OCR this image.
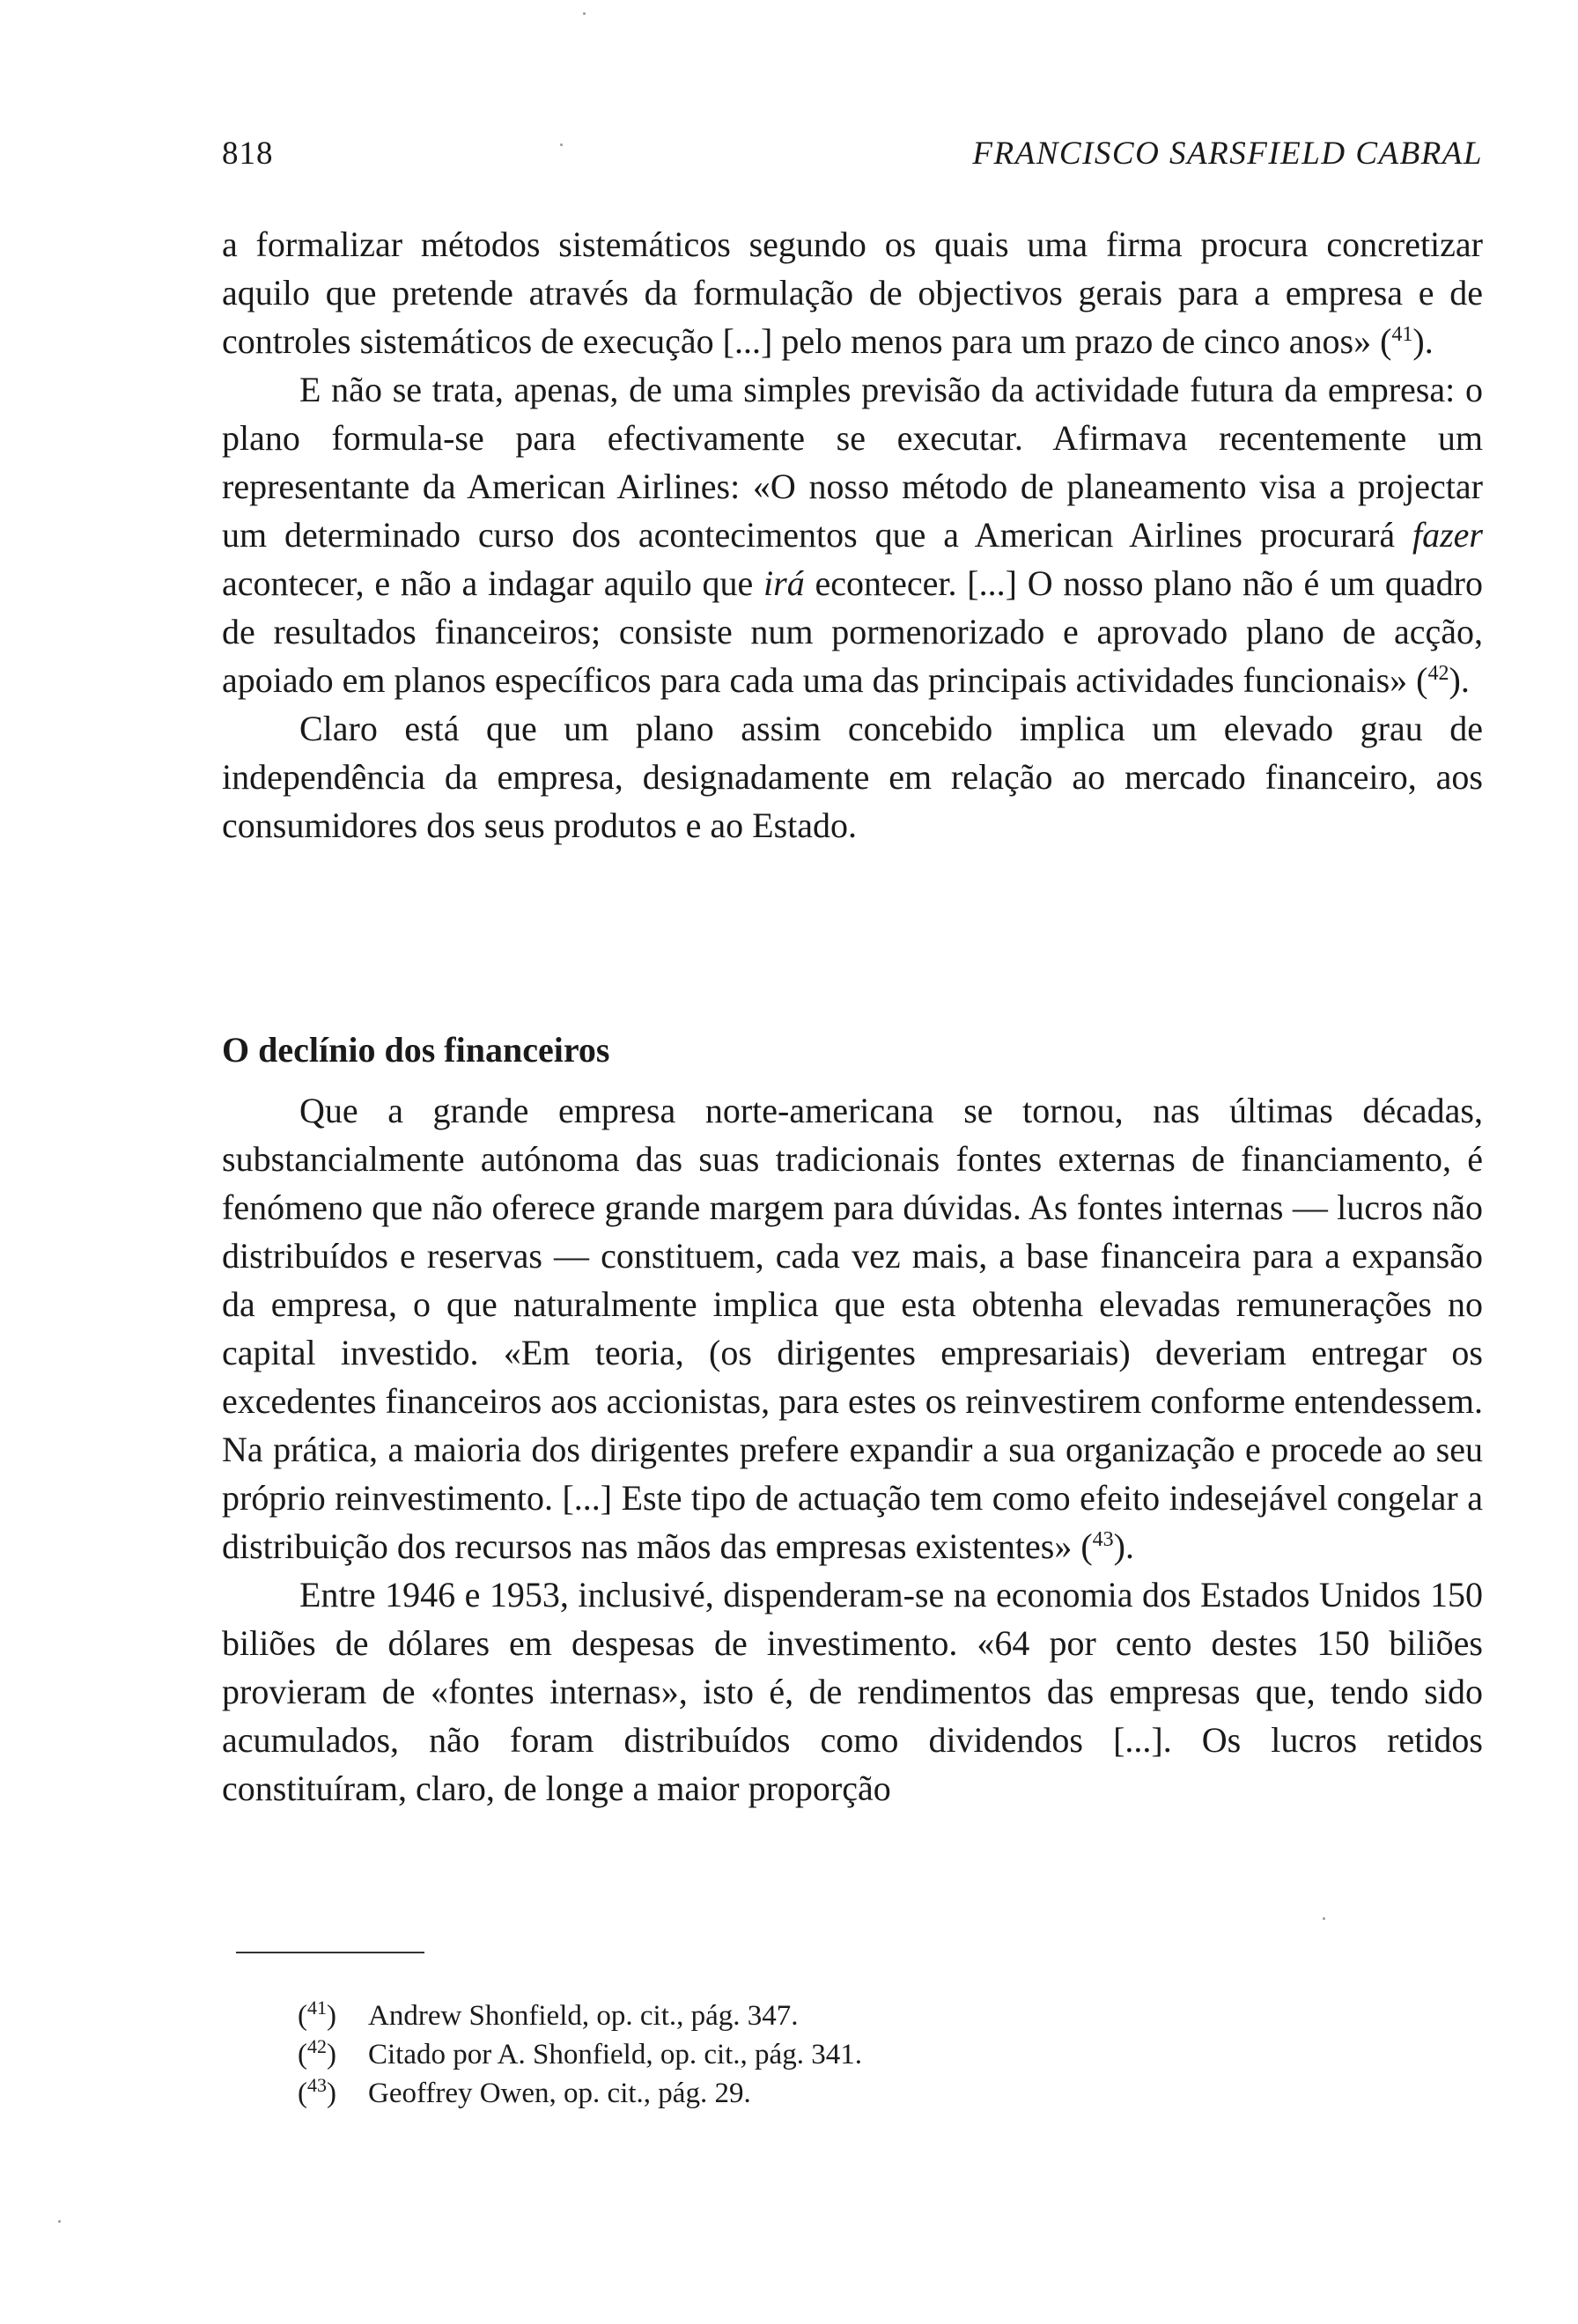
818	FRANCISCO SARSFIELD CABRAL

a formalizar métodos sistemáticos segundo os quais uma firma procura concretizar aquilo que pretende através da formulação de objectivos gerais para a empresa e de controles sistemáticos de execução [...] pelo menos para um prazo de cinco anos» ($^{41}$).

E não se trata, apenas, de uma simples previsão da actividade futura da empresa: o plano formula-se para efectivamente se executar. Afirmava recentemente um representante da American Airlines: «O nosso método de planeamento visa a projectar um determinado curso dos acontecimentos que a American Airlines procurará fazer acontecer, e não a indagar aquilo que irá econtecer. [...] O nosso plano não é um quadro de resultados financeiros; consiste num pormenorizado e aprovado plano de acção, apoiado em planos específicos para cada uma das principais actividades funcionais» ($^{42}$).

Claro está que um plano assim concebido implica um elevado grau de independência da empresa, designadamente em relação ao mercado financeiro, aos consumidores dos seus produtos e ao Estado.

O declínio dos financeiros

Que a grande empresa norte-americana se tornou, nas últimas décadas, substancialmente autónoma das suas tradicionais fontes externas de financiamento, é fenómeno que não oferece grande margem para dúvidas. As fontes internas — lucros não distribuídos e reservas — constituem, cada vez mais, a base financeira para a expansão da empresa, o que naturalmente implica que esta obtenha elevadas remunerações no capital investido. «Em teoria, (os dirigentes empresariais) deveriam entregar os excedentes financeiros aos accionistas, para estes os reinvestirem conforme entendessem. Na prática, a maioria dos dirigentes prefere expandir a sua organização e procede ao seu próprio reinvestimento. [...] Este tipo de actuação tem como efeito indesejável congelar a distribuição dos recursos nas mãos das empresas existentes» ($^{43}$).

Entre 1946 e 1953, inclusivé, dispenderam-se na economia dos Estados Unidos 150 biliões de dólares em despesas de investimento. «64 por cento destes 150 biliões provieram de «fontes internas», isto é, de rendimentos das empresas que, tendo sido acumulados, não foram distribuídos como dividendos [...]. Os lucros retidos constituíram, claro, de longe a maior proporção

($^{41}$) Andrew Shonfield, op. cit., pág. 347.
($^{42}$) Citado por A. Shonfield, op. cit., pág. 341.
($^{43}$) Geoffrey Owen, op. cit., pág. 29.
